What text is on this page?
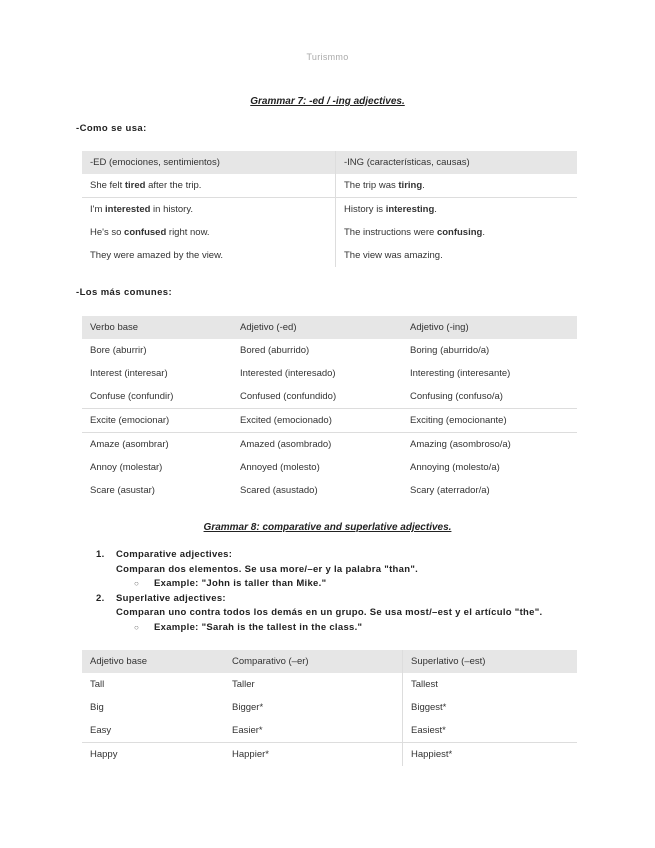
Turismmo
Grammar 7: -ed / -ing adjectives.
-Como se usa:
-ED (emociones, sentimientos)	-ING (características, causas)
She felt tired after the trip.	The trip was tiring.
I'm interested in history.	History is interesting.
He's so confused right now.	The instructions were confusing.
They were amazed by the view.	The view was amazing.
-Los más comunes:
Verbo base	Adjetivo (-ed)	Adjetivo (-ing)
Bore (aburrir)	Bored (aburrido)	Boring (aburrido/a)
Interest (interesar)	Interested (interesado)	Interesting (interesante)
Confuse (confundir)	Confused (confundido)	Confusing (confuso/a)
Excite (emocionar)	Excited (emocionado)	Exciting (emocionante)
Amaze (asombrar)	Amazed (asombrado)	Amazing (asombroso/a)
Annoy (molestar)	Annoyed (molesto)	Annoying (molesto/a)
Scare (asustar)	Scared (asustado)	Scary (aterrador/a)
Grammar 8: comparative and superlative adjectives.
1.	Comparative adjectives:
Comparan dos elementos. Se usa more/–er y la palabra "than".
○ Example: "John is taller than Mike."
2.	Superlative adjectives:
Comparan uno contra todos los demás en un grupo. Se usa most/–est y el artículo "the".
○ Example: "Sarah is the tallest in the class."
Adjetivo base	Comparativo (–er)	Superlativo (–est)
Tall	Taller	Tallest
Big	Bigger*	Biggest*
Easy	Easier*	Easiest*
Happy	Happier*	Happiest*
